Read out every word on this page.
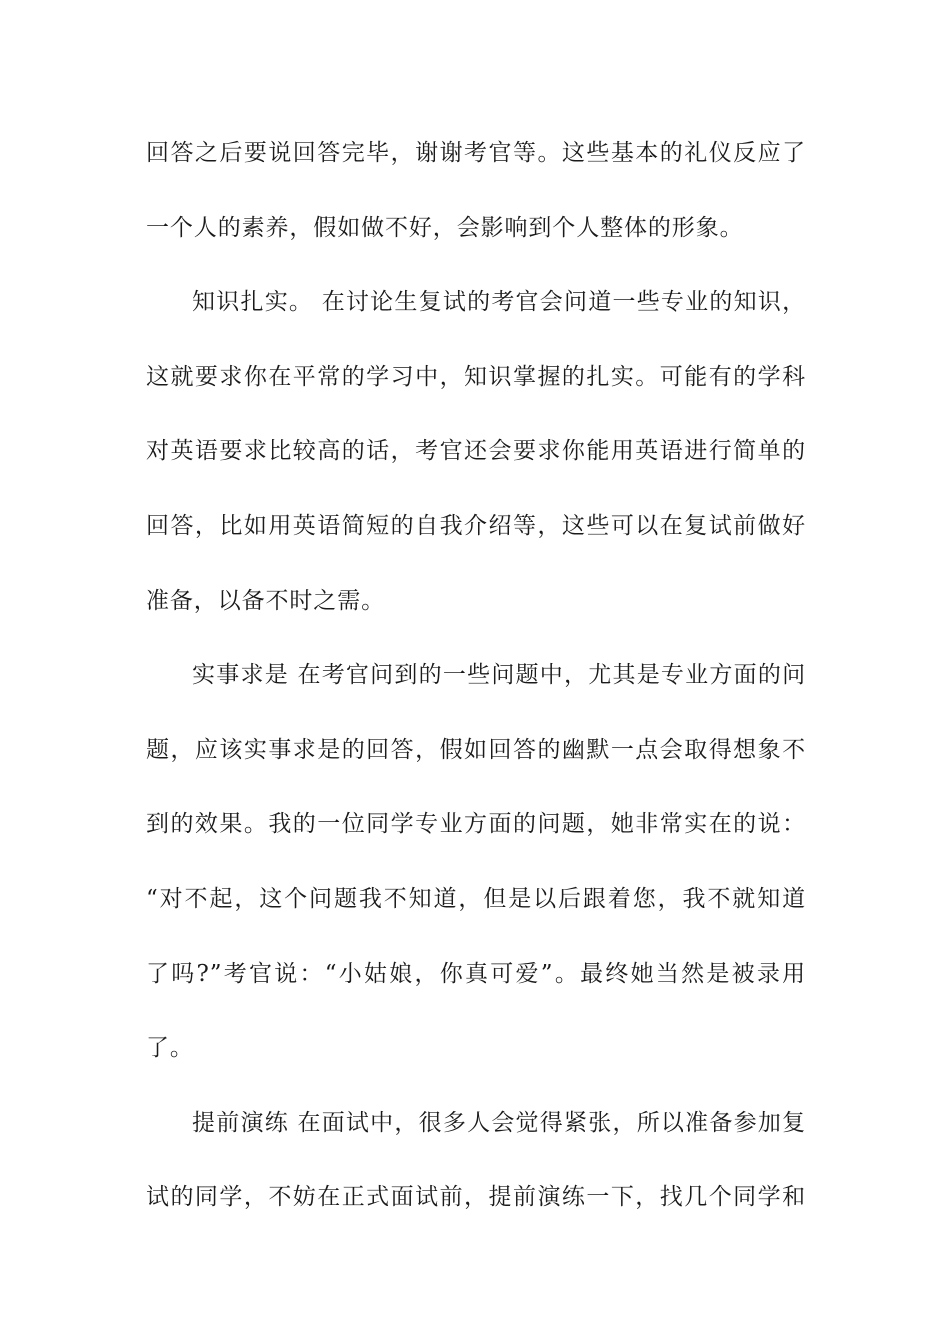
回答之后要说回答完毕，谢谢考官等。这些基本的礼仪反应了
一个人的素养，假如做不好，会影响到个人整体的形象。
知识扎实。 在讨论生复试的考官会问道一些专业的知识，
这就要求你在平常的学习中，知识掌握的扎实。可能有的学科
对英语要求比较高的话，考官还会要求你能用英语进行简单的
回答，比如用英语简短的自我介绍等，这些可以在复试前做好
准备，以备不时之需。
实事求是 在考官问到的一些问题中，尤其是专业方面的问
题，应该实事求是的回答，假如回答的幽默一点会取得想象不
到的效果。我的一位同学专业方面的问题，她非常实在的说：
“对不起，这个问题我不知道，但是以后跟着您，我不就知道
了吗?”考官说：“小姑娘，你真可爱”。最终她当然是被录用
了。
提前演练 在面试中，很多人会觉得紧张，所以准备参加复
试的同学，不妨在正式面试前，提前演练一下，找几个同学和
